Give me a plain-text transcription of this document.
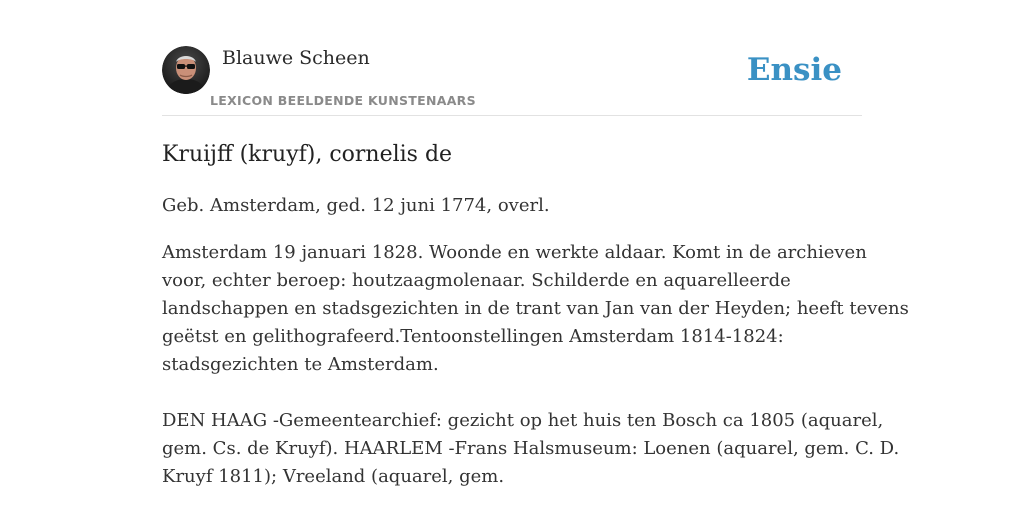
Blauwe Scheen
LEXICON BEELDENDE KUNSTENAARS
Ensie
Kruijff (kruyf), cornelis de

Geb. Amsterdam, ged. 12 juni 1774, overl.

Amsterdam 19 januari 1828. Woonde en werkte aldaar. Komt in de archieven
voor, echter beroep: houtzaagmolenaar. Schilderde en aquarelleerde
landschappen en stadsgezichten in de trant van Jan van der Heyden; heeft tevens
geëtst en gelithografeerd.Tentoonstellingen Amsterdam 1814-1824:
stadsgezichten te Amsterdam.
DEN HAAG -Gemeentearchief: gezicht op het huis ten Bosch ca 1805 (aquarel,
gem. Cs. de Kruyf). HAARLEM -Frans Halsmuseum: Loenen (aquarel, gem. C. D.
Kruyf 1811); Vreeland (aquarel, gem.
